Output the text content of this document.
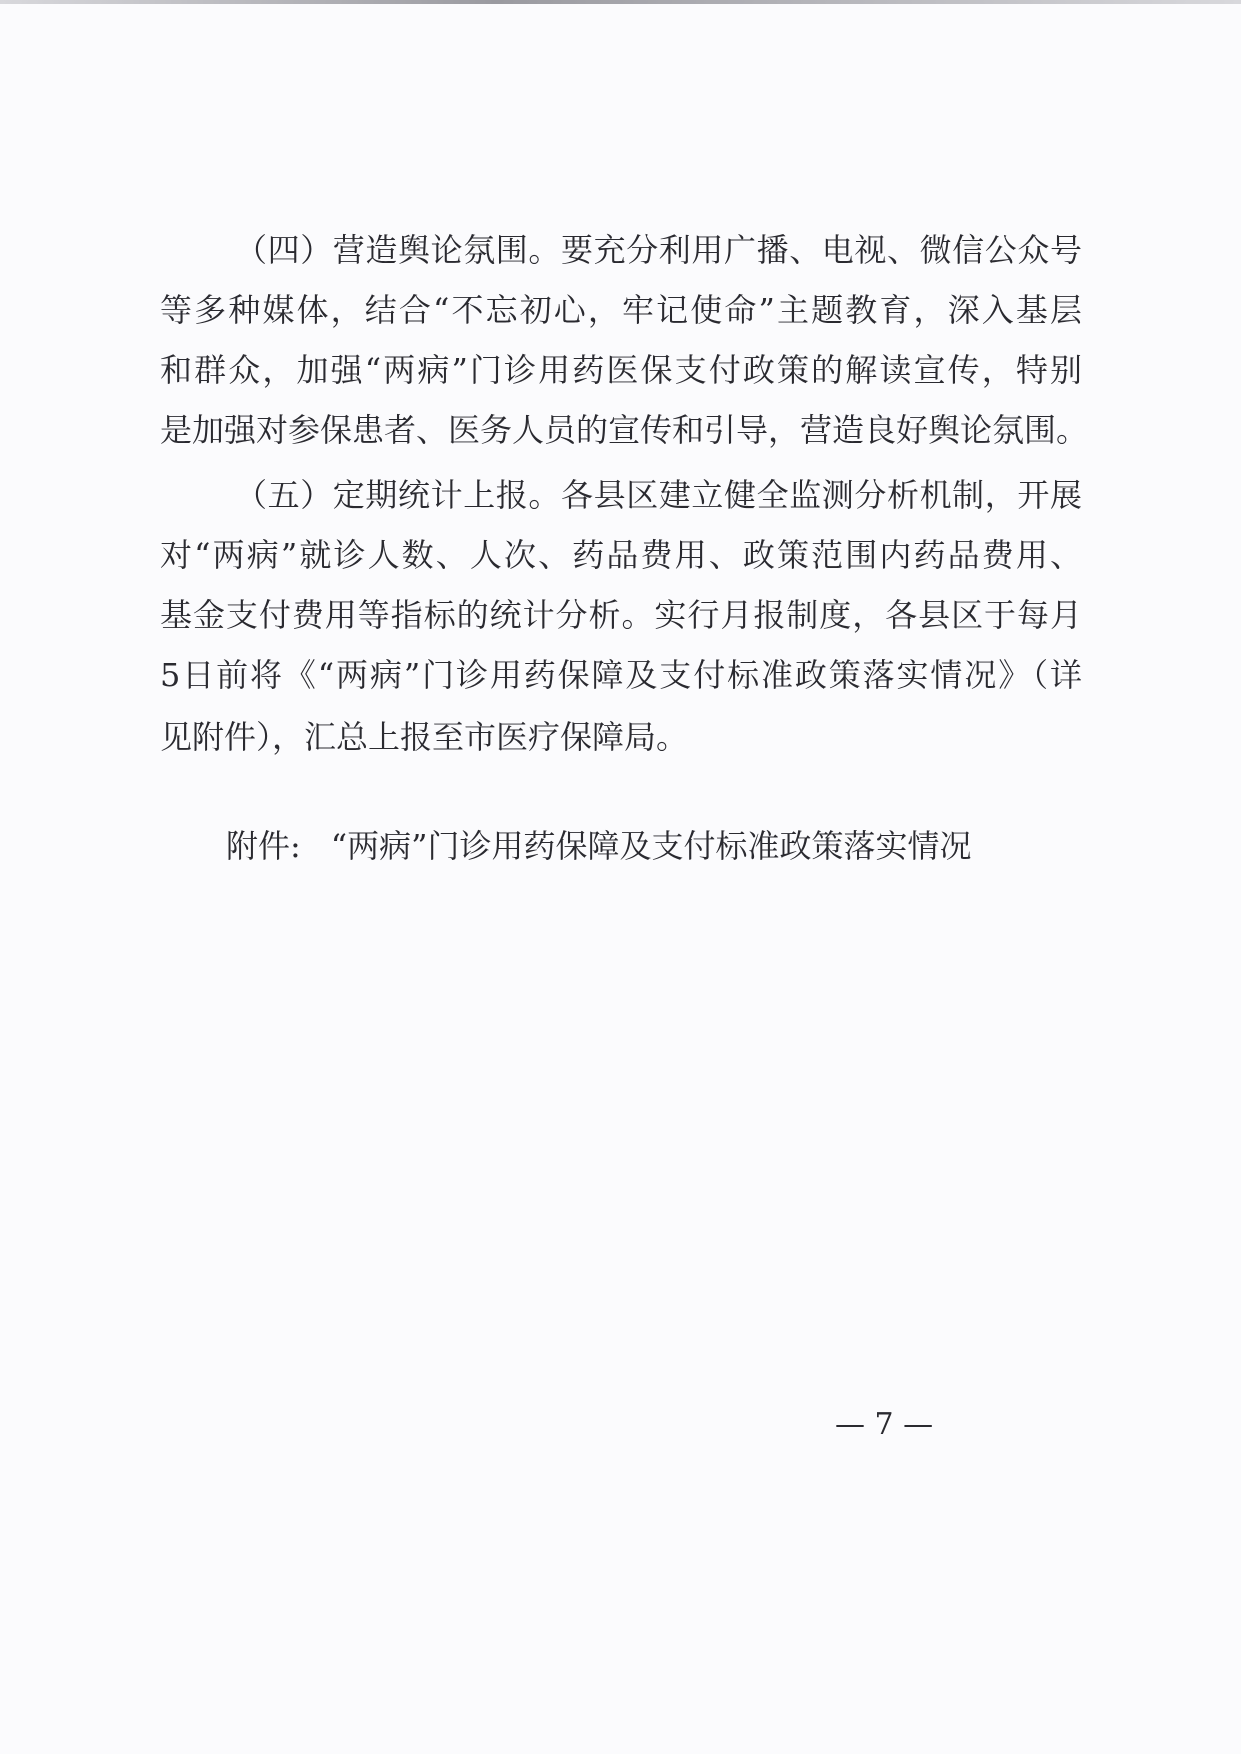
（四）营造舆论氛围。要充分利用广播、电视、微信公众号
等多种媒体，结合“不忘初心，牢记使命”主题教育，深入基层
和群众，加强“两病”门诊用药医保支付政策的解读宣传，特别
是加强对参保患者、医务人员的宣传和引导，营造良好舆论氛围。
（五）定期统计上报。各县区建立健全监测分析机制，开展
对“两病”就诊人数、人次、药品费用、政策范围内药品费用、
基金支付费用等指标的统计分析。实行月报制度，各县区于每月
5日前将《“两病”门诊用药保障及支付标准政策落实情况》（详
见附件），汇总上报至市医疗保障局。
附件: “两病”门诊用药保障及支付标准政策落实情况
— 7 —
